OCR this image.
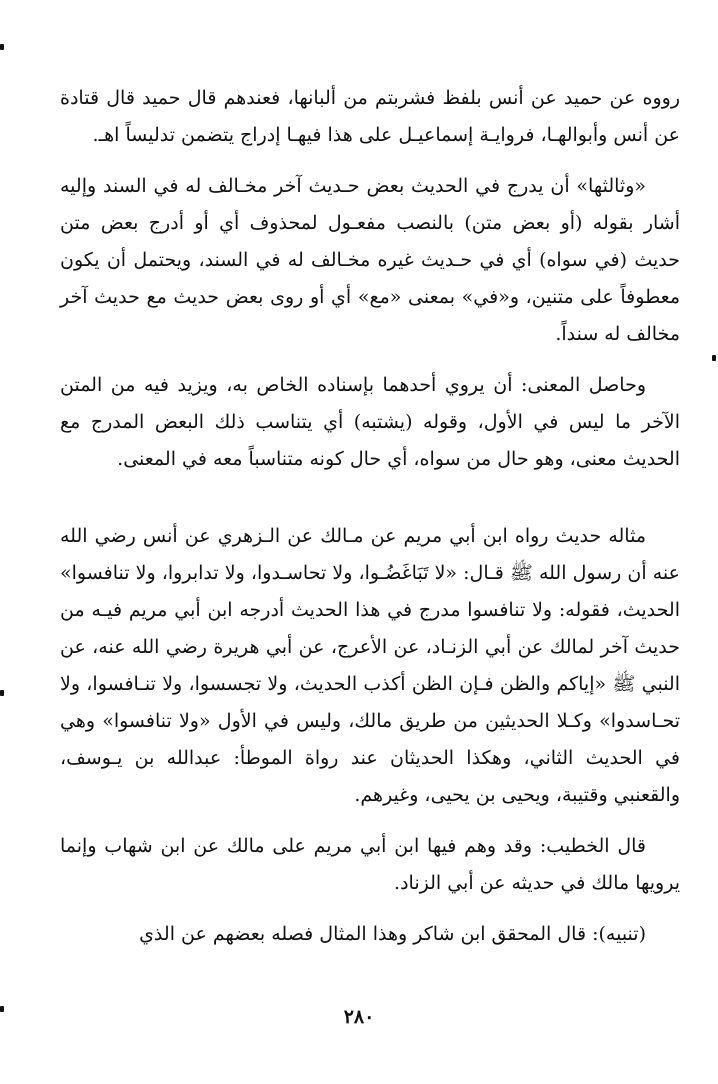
رووه عن حميد عن أنس بلفظ فشربتم من ألبانها، فعندهم قال حميد قال قتادة عن أنس وأبوالهـا، فروايـة إسماعيـل على هذا فيهـا إدراج يتضمن تدليساً اهـ.

«وثالثها» أن يدرج في الحديث بعض حـديث آخر مخـالف له في السند وإليه أشار بقوله (أو بعض متن) بالنصب مفعـول لمحذوف أي أو أدرج بعض متن حديث (في سواه) أي في حـديث غيره مخـالف له في السند، ويحتمل أن يكون معطوفاً على متنين، و«في» بمعنى «مع» أي أو روى بعض حديث مع حديث آخر مخالف له سنداً.

وحاصل المعنى: أن يروي أحدهما بإسناده الخاص به، ويزيد فيه من المتن الآخر ما ليس في الأول، وقوله (يشتبه) أي يتناسب ذلك البعض المدرج مع الحديث معنى، وهو حال من سواه، أي حال كونه متناسباً معه في المعنى.

مثاله حديث رواه ابن أبي مريم عن مـالك عن الـزهري عن أنس رضي الله عنه أن رسول الله ﷺ قـال: «لا تَبَاغَضُـوا، ولا تحاسـدوا، ولا تدابروا، ولا تنافسوا» الحديث، فقوله: ولا تنافسوا مدرج في هذا الحديث أدرجه ابن أبي مريم فيـه من حديث آخر لمالك عن أبي الزنـاد، عن الأعرج، عن أبي هريرة رضي الله عنه، عن النبي ﷺ «إياكم والظن فـإن الظن أكذب الحديث، ولا تجسسوا، ولا تنـافسوا، ولا تحـاسدوا» وكـلا الحديثين من طريق مالك، وليس في الأول «ولا تنافسوا» وهي في الحديث الثاني، وهكذا الحديثان عند رواة الموطأ: عبدالله بن يـوسف، والقعنبي وقتيبة، ويحيى بن يحيى، وغيرهم.

قال الخطيب: وقد وهم فيها ابن أبي مريم على مالك عن ابن شهاب وإنما يرويها مالك في حديثه عن أبي الزناد.

(تنبيه): قال المحقق ابن شاكر وهذا المثال فصله بعضهم عن الذي

٢٨٠
